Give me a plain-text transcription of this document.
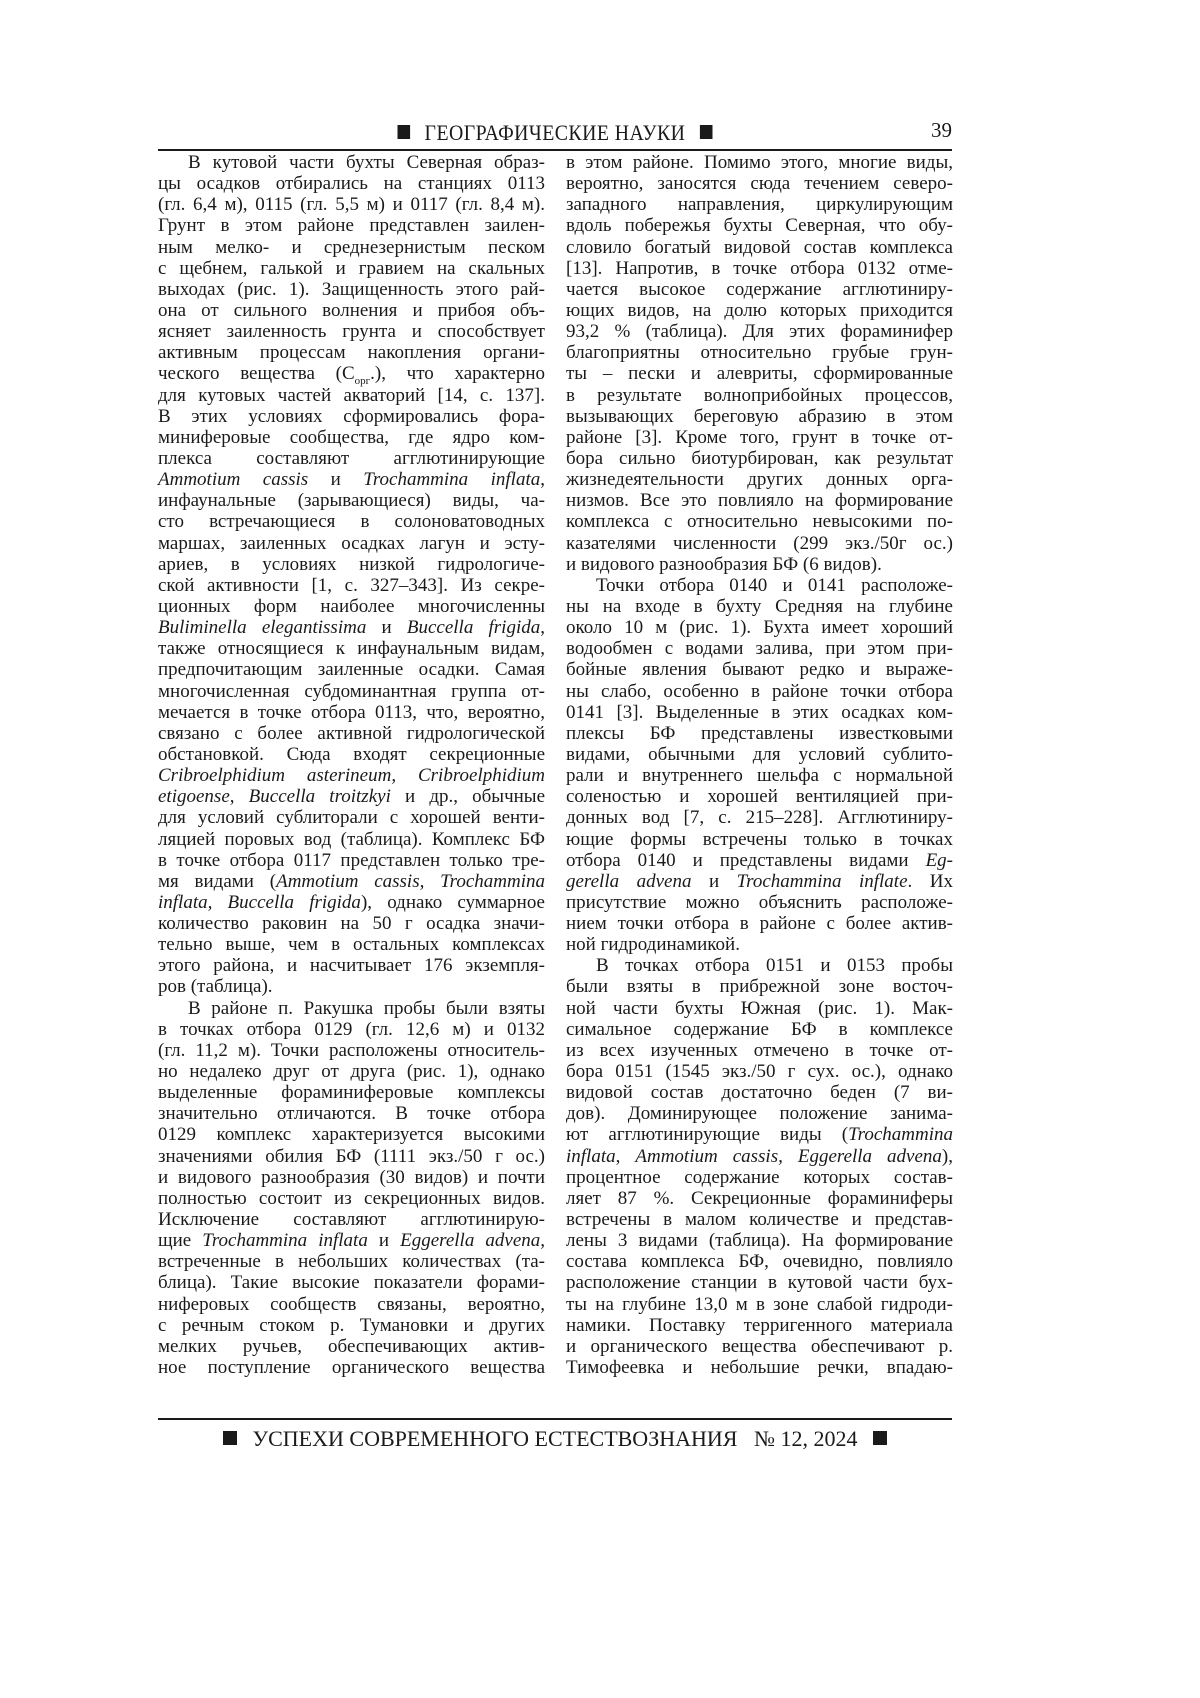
ГЕОГРАФИЧЕСКИЕ НАУКИ	39
В кутовой части бухты Северная образ-
цы осадков отбирались на станциях 0113
(гл. 6,4 м), 0115 (гл. 5,5 м) и 0117 (гл. 8,4 м).
Грунт в этом районе представлен заилен-
ным мелко- и среднезернистым песком
с щебнем, галькой и гравием на скальных
выходах (рис. 1). Защищенность этого рай-
она от сильного волнения и прибоя объ-
ясняет заиленность грунта и способствует
активным процессам накопления органи-
ческого вещества (Cорг.), что характерно
для кутовых частей акваторий [14, с. 137].
В этих условиях сформировались фора-
миниферовые сообщества, где ядро ком-
плекса составляют агглютинирующие
Ammotium cassis и Trochammina inflata,
инфаунальные (зарывающиеся) виды, ча-
сто встречающиеся в солоноватоводных
маршах, заиленных осадках лагун и эсту-
ариев, в условиях низкой гидрологиче-
ской активности [1, с. 327–343]. Из секре-
ционных форм наиболее многочисленны
Buliminella elegantissima и Buccella frigida,
также относящиеся к инфаунальным видам,
предпочитающим заиленные осадки. Самая
многочисленная субдоминантная группа от-
мечается в точке отбора 0113, что, вероятно,
связано с более активной гидрологической
обстановкой. Сюда входят секреционные
Cribroelphidium asterineum, Cribroelphidium
etigoense, Buccella troitzkyi и др., обычные
для условий сублиторали с хорошей венти-
ляцией поровых вод (таблица). Комплекс БФ
в точке отбора 0117 представлен только тре-
мя видами (Ammotium cassis, Trochammina
inflata, Buccella frigida), однако суммарное
количество раковин на 50 г осадка значи-
тельно выше, чем в остальных комплексах
этого района, и насчитывает 176 экземпля-
ров (таблица).
В районе п. Ракушка пробы были взяты
в точках отбора 0129 (гл. 12,6 м) и 0132
(гл. 11,2 м). Точки расположены относитель-
но недалеко друг от друга (рис. 1), однако
выделенные фораминиферовые комплексы
значительно отличаются. В точке отбора
0129 комплекс характеризуется высокими
значениями обилия БФ (1111 экз./50 г ос.)
и видового разнообразия (30 видов) и почти
полностью состоит из секреционных видов.
Исключение составляют агглютинирую-
щие Trochammina inflata и Eggerella advena,
встреченные в небольших количествах (та-
блица). Такие высокие показатели форами-
ниферовых сообществ связаны, вероятно,
с речным стоком р. Тумановки и других
мелких ручьев, обеспечивающих актив-
ное поступление органического вещества
в этом районе. Помимо этого, многие виды,
вероятно, заносятся сюда течением северо-
западного направления, циркулирующим
вдоль побережья бухты Северная, что обу-
словило богатый видовой состав комплекса
[13]. Напротив, в точке отбора 0132 отме-
чается высокое содержание агглютиниру-
ющих видов, на долю которых приходится
93,2 % (таблица). Для этих фораминифер
благоприятны относительно грубые грун-
ты – пески и алевриты, сформированные
в результате волноприбойных процессов,
вызывающих береговую абразию в этом
районе [3]. Кроме того, грунт в точке от-
бора сильно биотурбирован, как результат
жизнедеятельности других донных орга-
низмов. Все это повлияло на формирование
комплекса с относительно невысокими по-
казателями численности (299 экз./50г ос.)
и видового разнообразия БФ (6 видов).
Точки отбора 0140 и 0141 расположе-
ны на входе в бухту Средняя на глубине
около 10 м (рис. 1). Бухта имеет хороший
водообмен с водами залива, при этом при-
бойные явления бывают редко и выраже-
ны слабо, особенно в районе точки отбора
0141 [3]. Выделенные в этих осадках ком-
плексы БФ представлены известковыми
видами, обычными для условий сублито-
рали и внутреннего шельфа с нормальной
соленостью и хорошей вентиляцией при-
донных вод [7, с. 215–228]. Агглютиниру-
ющие формы встречены только в точках
отбора 0140 и представлены видами Eg-
gerella advena и Trochammina inflate. Их
присутствие можно объяснить расположе-
нием точки отбора в районе с более актив-
ной гидродинамикой.
В точках отбора 0151 и 0153 пробы
были взяты в прибрежной зоне восточ-
ной части бухты Южная (рис. 1). Мак-
симальное содержание БФ в комплексе
из всех изученных отмечено в точке от-
бора 0151 (1545 экз./50 г сух. ос.), однако
видовой состав достаточно беден (7 ви-
дов). Доминирующее положение занима-
ют агглютинирующие виды (Trochammina
inflata, Ammotium cassis, Eggerella advena),
процентное содержание которых состав-
ляет 87 %. Секреционные фораминиферы
встречены в малом количестве и представ-
лены 3 видами (таблица). На формирование
состава комплекса БФ, очевидно, повлияло
расположение станции в кутовой части бух-
ты на глубине 13,0 м в зоне слабой гидроди-
намики. Поставку терригенного материала
и органического вещества обеспечивают р.
Тимофеевка и небольшие речки, впадаю-
УСПЕХИ СОВРЕМЕННОГО ЕСТЕСТВОЗНАНИЯ № 12, 2024
